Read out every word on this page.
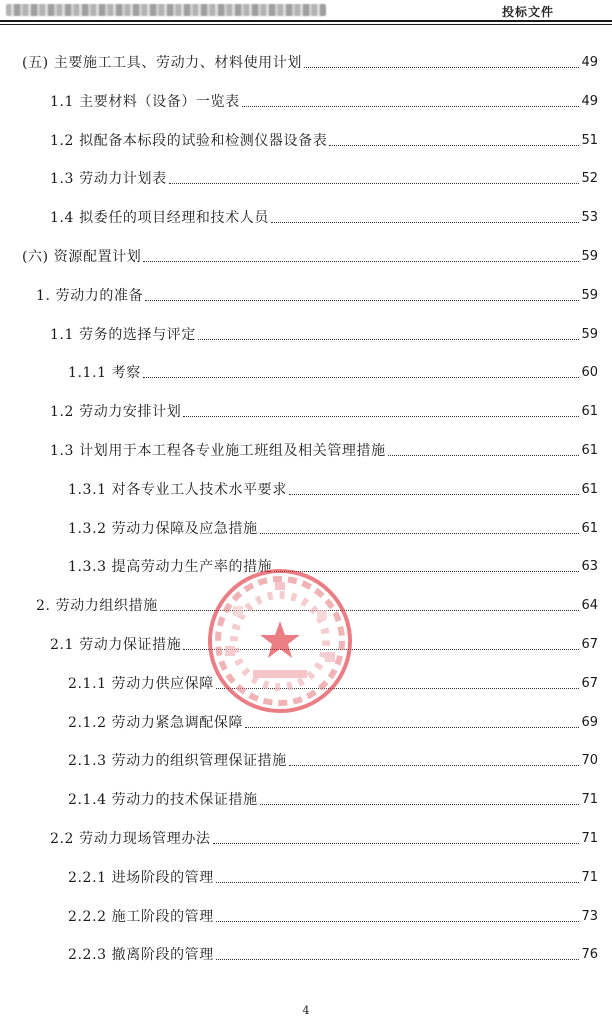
投标文件
(五) 主要施工工具、劳动力、材料使用计划	49
1.1 主要材料（设备）一览表	49
1.2 拟配备本标段的试验和检测仪器设备表	51
1.3 劳动力计划表	52
1.4 拟委任的项目经理和技术人员	53
(六) 资源配置计划	59
1. 劳动力的准备	59
1.1 劳务的选择与评定	59
1.1.1 考察	60
1.2 劳动力安排计划	61
1.3 计划用于本工程各专业施工班组及相关管理措施	61
1.3.1 对各专业工人技术水平要求	61
1.3.2 劳动力保障及应急措施	61
1.3.3 提高劳动力生产率的措施	63
2. 劳动力组织措施	64
2.1 劳动力保证措施	67
2.1.1 劳动力供应保障	67
2.1.2 劳动力紧急调配保障	69
2.1.3 劳动力的组织管理保证措施	70
2.1.4 劳动力的技术保证措施	71
2.2 劳动力现场管理办法	71
2.2.1 进场阶段的管理	71
2.2.2 施工阶段的管理	73
2.2.3 撤离阶段的管理	76
4
